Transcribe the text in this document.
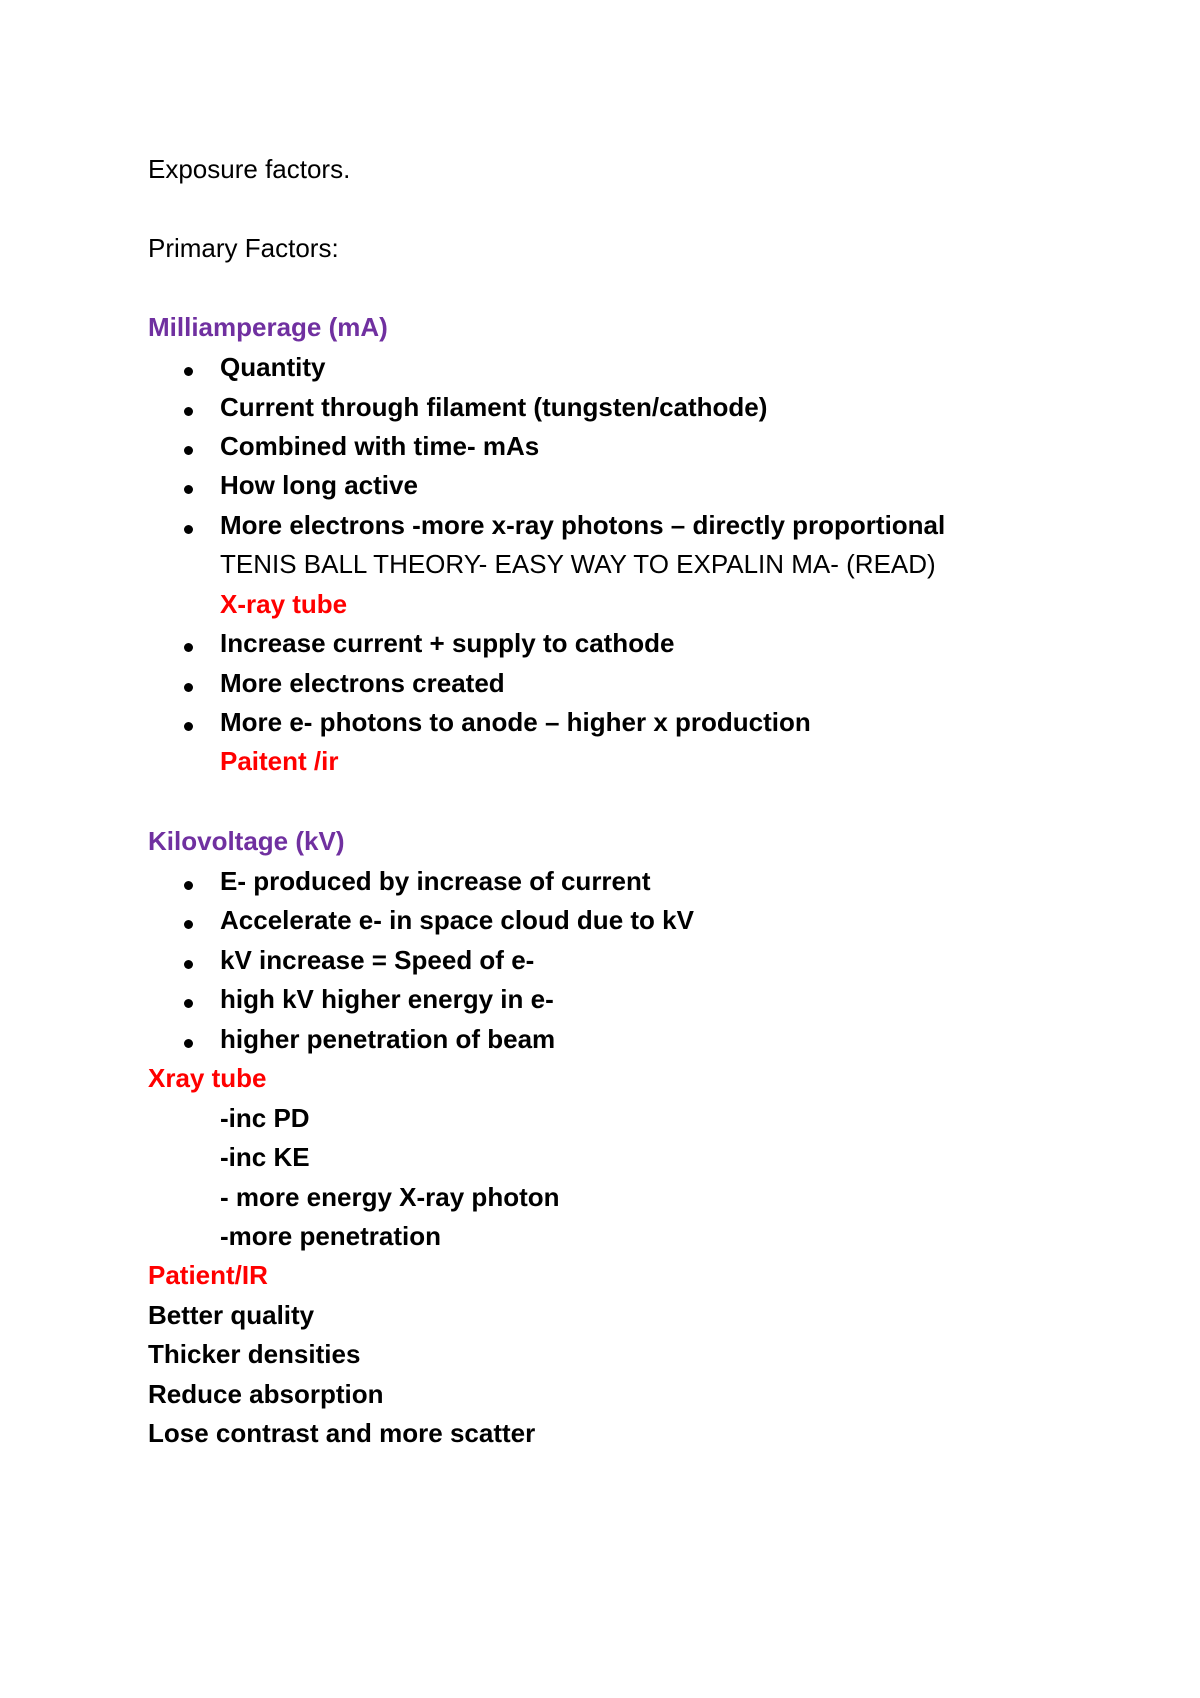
Exposure factors.
Primary Factors:
Milliamperage (mA)
Quantity
Current through filament (tungsten/cathode)
Combined with time- mAs
How long active
More electrons -more x-ray photons – directly proportional
TENIS BALL THEORY- EASY WAY TO EXPALIN MA- (READ)
X-ray tube
Increase current + supply to cathode
More electrons created
More e- photons to anode – higher x production
Paitent /ir
Kilovoltage (kV)
E- produced by increase of current
Accelerate e- in space cloud due to kV
kV increase = Speed of e-
high kV higher energy in e-
higher penetration of beam
Xray tube
-inc PD
-inc KE
- more energy X-ray photon
-more penetration
Patient/IR
Better quality
Thicker densities
Reduce absorption
Lose contrast and more scatter
